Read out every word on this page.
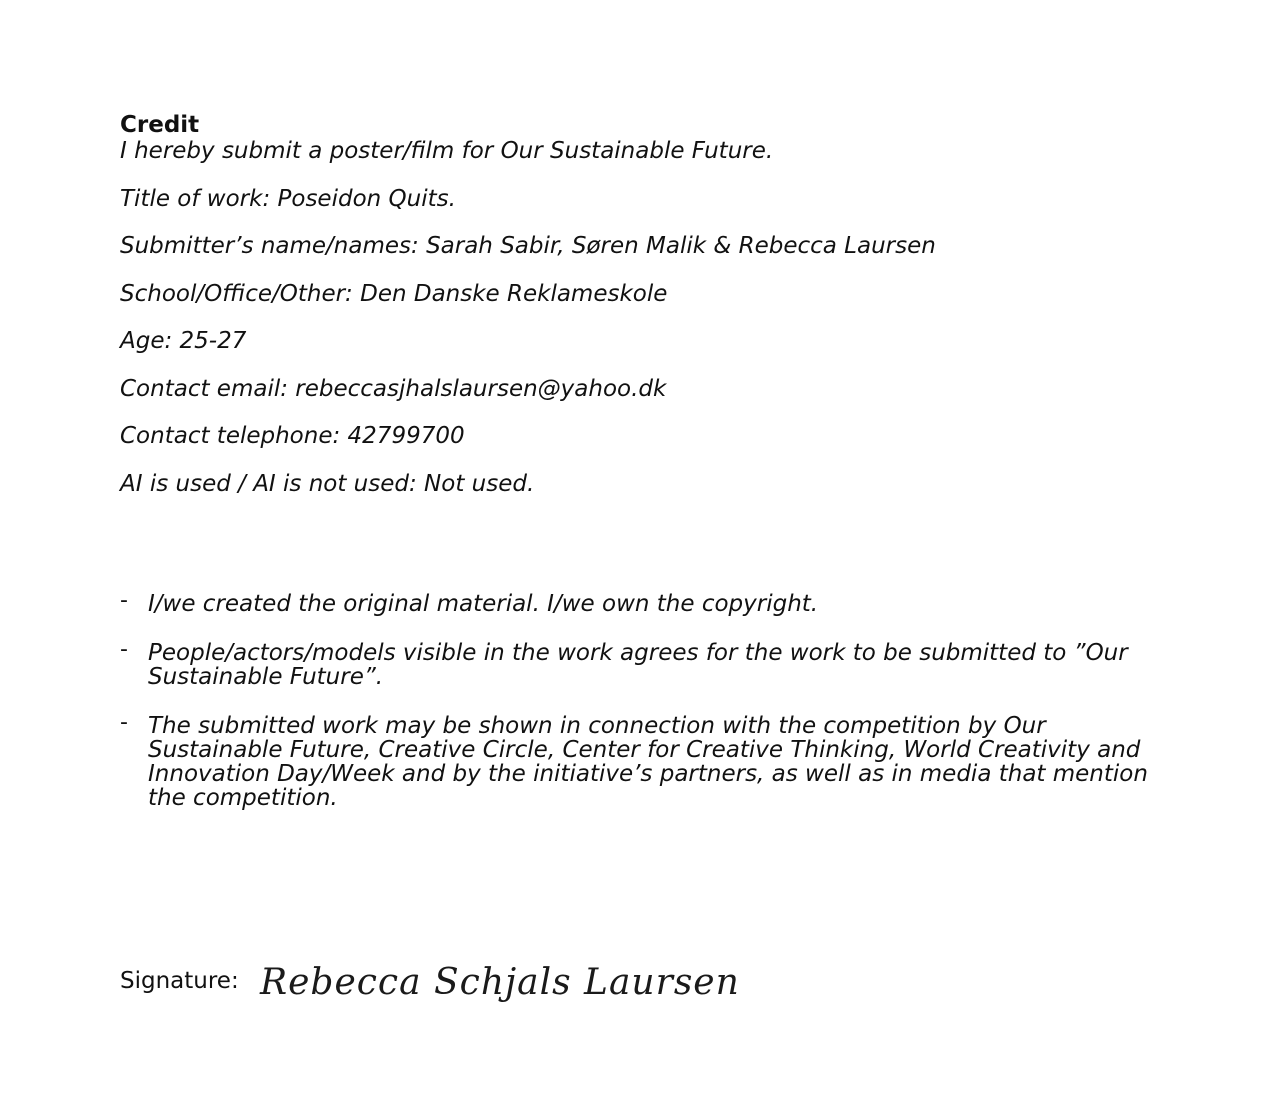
Credit

I hereby submit a poster/film for Our Sustainable Future.

Title of work: Poseidon Quits.

Submitter’s name/names: Sarah Sabir, Søren Malik & Rebecca Laursen

School/Office/Other: Den Danske Reklameskole

Age: 25-27

Contact email: rebeccasjhalslaursen@yahoo.dk

Contact telephone: 42799700

AI is used / AI is not used: Not used.

- I/we created the original material. I/we own the copyright.
- People/actors/models visible in the work agrees for the work to be submitted to ”Our Sustainable Future”.
- The submitted work may be shown in connection with the competition by Our Sustainable Future, Creative Circle, Center for Creative Thinking, World Creativity and Innovation Day/Week and by the initiative’s partners, as well as in media that mention the competition.
Signature: Rebecca Schjals Laursen
